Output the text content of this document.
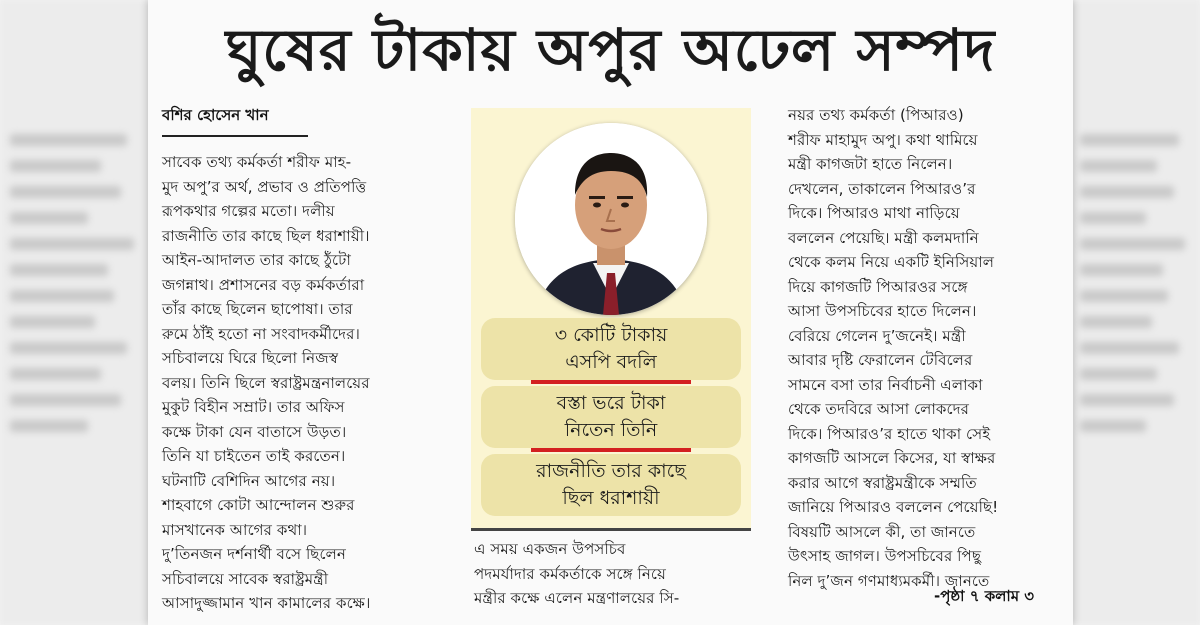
ঘুষের টাকায় অপুর অঢেল সম্পদ
বশির হোসেন খান

সাবেক তথ্য কর্মকর্তা শরীফ মাহ-

মুদ অপু’র অর্থ, প্রভাব ও প্রতিপত্তি

রূপকথার গল্পের মতো। দলীয়

রাজনীতি তার কাছে ছিল ধরাশায়ী।

আইন-আদালত তার কাছে ঠুঁটো

জগন্নাথ। প্রশাসনের বড় কর্মকর্তারা

তাঁর কাছে ছিলেন ছাপোষা। তার

রুমে ঠাঁই হতো না সংবাদকর্মীদের।

সচিবালয়ে ঘিরে ছিলো নিজস্ব

বলয়। তিনি ছিলে স্বরাষ্ট্রমন্ত্রনালয়ের

মুকুট বিহীন সম্রাট। তার অফিস

কক্ষে টাকা যেন বাতাসে উড়ত।

তিনি যা চাইতেন তাই করতেন।

ঘটনাটি বেশিদিন আগের নয়।

শাহবাগে কোটা আন্দোলন শুরুর

মাসখানেক আগের কথা।

দু’তিনজন দর্শনার্থী বসে ছিলেন

সচিবালয়ে সাবেক স্বরাষ্ট্রমন্ত্রী

আসাদুজ্জামান খান কামালের কক্ষে।

৩ কোটি টাকায়
এসপি বদলি
বস্তা ভরে টাকা
নিতেন তিনি
রাজনীতি তার কাছে
ছিল ধরাশায়ী

এ সময় একজন উপসচিব

পদমর্যাদার কর্মকর্তাকে সঙ্গে নিয়ে

মন্ত্রীর কক্ষে এলেন মন্ত্রণালয়ের সি-

নয়র তথ্য কর্মকর্তা (পিআরও)

শরীফ মাহামুদ অপু। কথা থামিয়ে

মন্ত্রী কাগজটা হাতে নিলেন।

দেখলেন, তাকালেন পিআরও’র

দিকে। পিআরও মাথা নাড়িয়ে

বললেন পেয়েছি। মন্ত্রী কলমদানি

থেকে কলম নিয়ে একটি ইনিসিয়াল

দিয়ে কাগজটি পিআরওর সঙ্গে

আসা উপসচিবের হাতে দিলেন।

বেরিয়ে গেলেন দু’জনেই। মন্ত্রী

আবার দৃষ্টি ফেরালেন টেবিলের

সামনে বসা তার নির্বাচনী এলাকা

থেকে তদবিরে আসা লোকদের

দিকে। পিআরও’র হাতে থাকা সেই

কাগজটি আসলে কিসের, যা স্বাক্ষর

করার আগে স্বরাষ্ট্রমন্ত্রীকে সম্মতি

জানিয়ে পিআরও বললেন পেয়েছি!

বিষয়টি আসলে কী, তা জানতে

উৎসাহ জাগল। উপসচিবের পিছু

নিল দু’জন গণমাধ্যমকর্মী। জানতে

-পৃষ্ঠা ৭ কলাম ৩
